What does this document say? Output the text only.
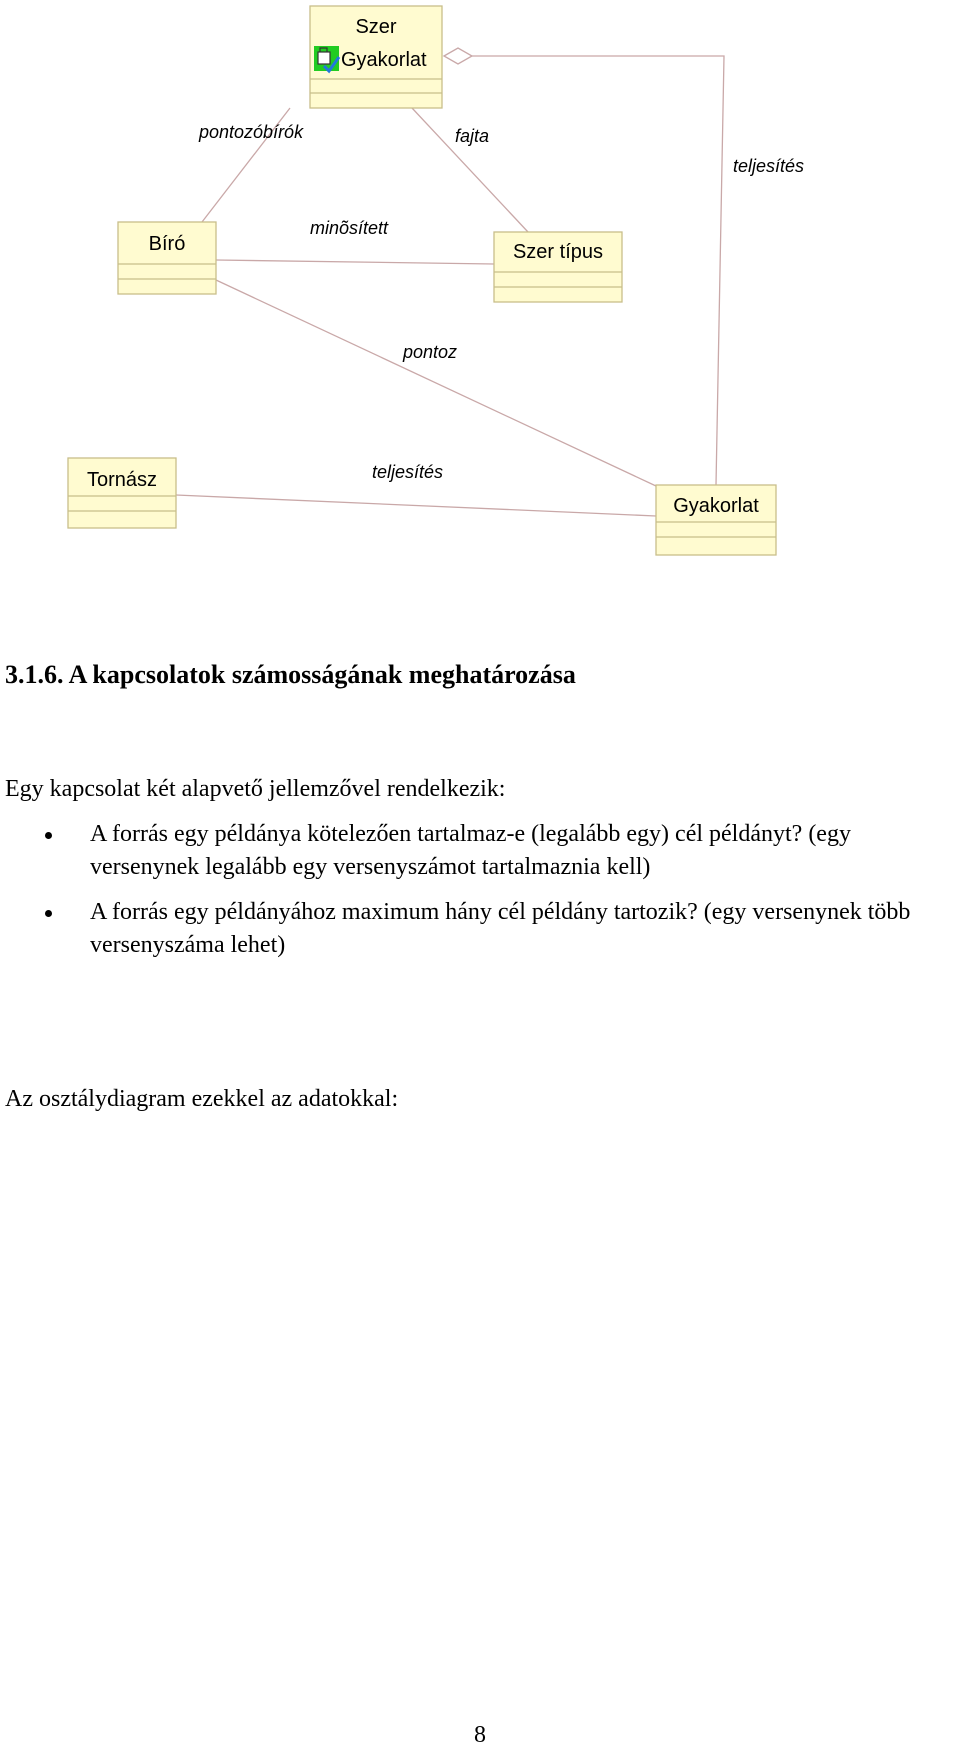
Szer
Gyakorlat
Bíró	Szer típus
Tornász
Gyakorlat
pontozóbírók	fajta
teljesítés
minõsített
pontoz
teljesítés
3.1.6. A kapcsolatok számosságának meghatározása

Egy kapcsolat két alapvető jellemzővel rendelkezik:

A forrás egy példánya kötelezően tartalmaz-e (legalább egy) cél példányt? (egy versenynek legalább egy versenyszámot tartalmaznia kell)
A forrás egy példányához maximum hány cél példány tartozik? (egy versenynek több versenyszáma lehet)

Az osztálydiagram ezekkel az adatokkal:

8
